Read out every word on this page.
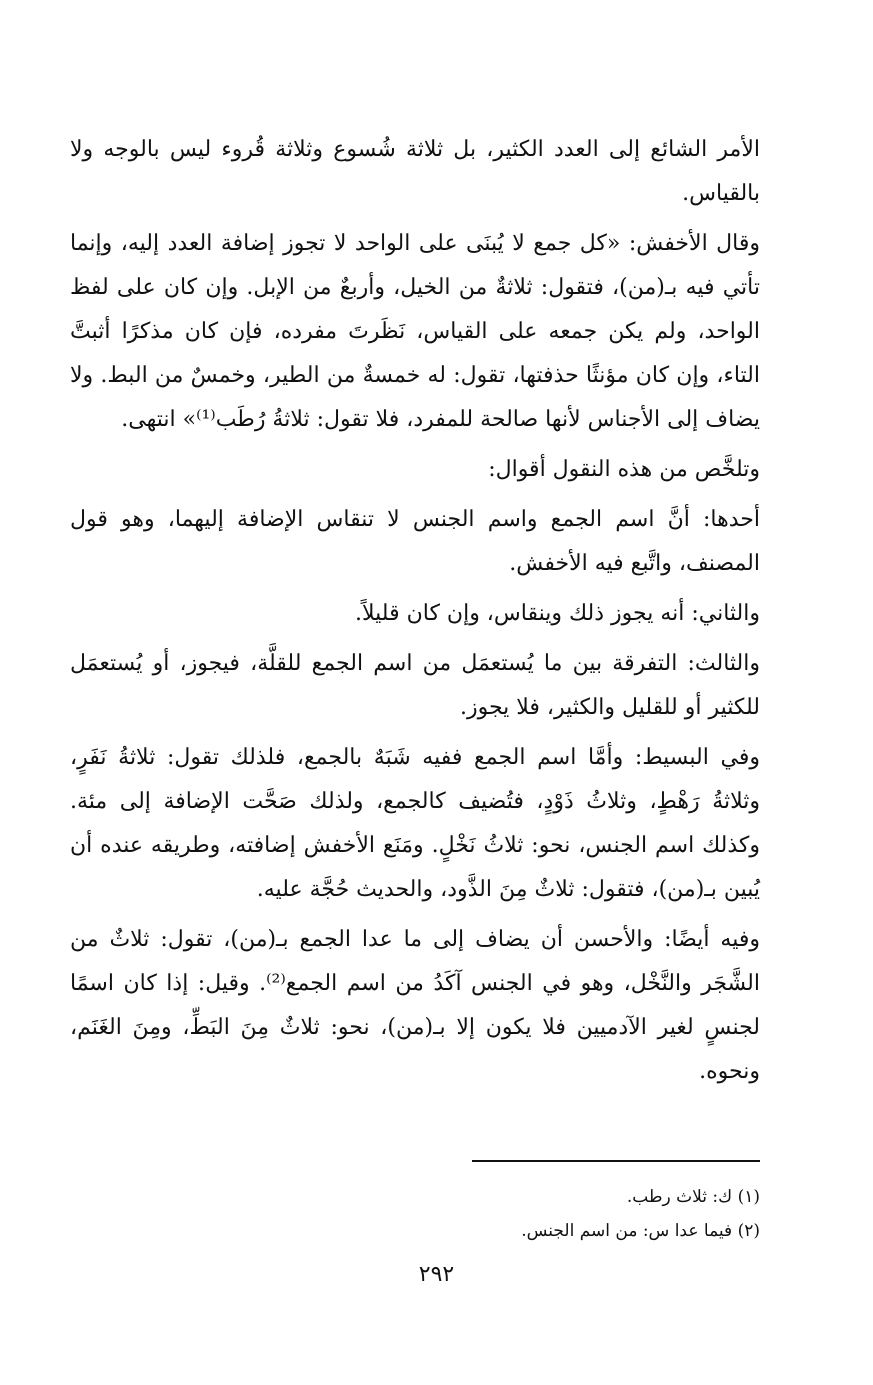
الأمر الشائع إلى العدد الكثير، بل ثلاثة شُسوع وثلاثة قُروء ليس بالوجه ولا بالقياس.

وقال الأخفش: «كل جمع لا يُبنَى على الواحد لا تجوز إضافة العدد إليه، وإنما تأتي فيه بـ(من)، فتقول: ثلاثةٌ من الخيل، وأربعٌ من الإبل. وإن كان على لفظ الواحد، ولم يكن جمعه على القياس، نَظَرتَ مفرده، فإن كان مذكرًا أثبتَّ التاء، وإن كان مؤنثًا حذفتها، تقول: له خمسةٌ من الطير، وخمسٌ من البط. ولا يضاف إلى الأجناس لأنها صالحة للمفرد، فلا تقول: ثلاثةُ رُطَب⁽¹⁾» انتهى.

وتلخَّص من هذه النقول أقوال:

أحدها: أنَّ اسم الجمع واسم الجنس لا تنقاس الإضافة إليهما، وهو قول المصنف، واتَّبع فيه الأخفش.

والثاني: أنه يجوز ذلك وينقاس، وإن كان قليلاً.

والثالث: التفرقة بين ما يُستعمَل من اسم الجمع للقلَّة، فيجوز، أو يُستعمَل للكثير أو للقليل والكثير، فلا يجوز.

وفي البسيط: وأمَّا اسم الجمع ففيه شَبَهٌ بالجمع، فلذلك تقول: ثلاثةُ نَفَرٍ، وثلاثةُ رَهْطٍ، وثلاثُ ذَوْدٍ، فتُضيف كالجمع، ولذلك صَحَّت الإضافة إلى مئة. وكذلك اسم الجنس، نحو: ثلاثُ نَخْلٍ. ومَنَع الأخفش إضافته، وطريقه عنده أن يُبين بـ(من)، فتقول: ثلاثٌ مِنَ الذَّود، والحديث حُجَّة عليه.

وفيه أيضًا: والأحسن أن يضاف إلى ما عدا الجمع بـ(من)، تقول: ثلاثٌ من الشَّجَر والنَّخْل، وهو في الجنس آكَدُ من اسم الجمع⁽²⁾. وقيل: إذا كان اسمًا لجنسٍ لغير الآدميين فلا يكون إلا بـ(من)، نحو: ثلاثٌ مِنَ البَطِّ، ومِنَ الغَنَم، ونحوه.

(١) ك: ثلاث رطب.

(٢) فيما عدا س: من اسم الجنس.

٢٩٢
